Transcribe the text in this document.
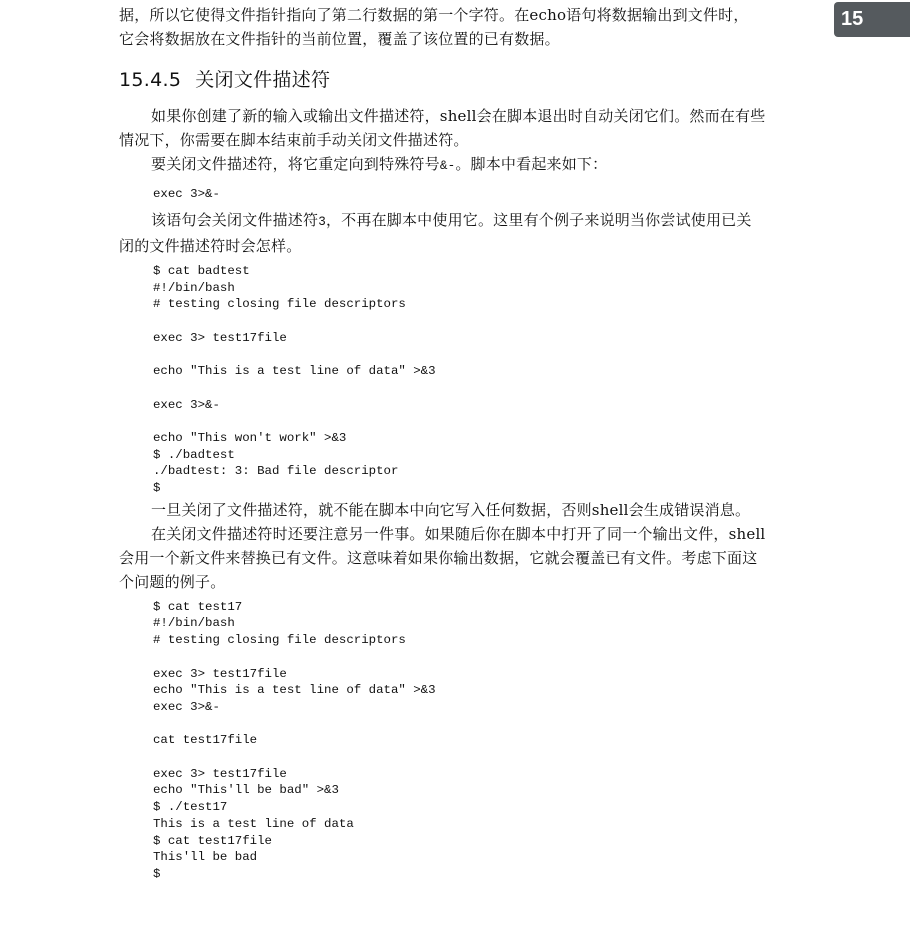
15

据，所以它使得文件指针指向了第二行数据的第一个字符。在echo语句将数据输出到文件时，
它会将数据放在文件指针的当前位置，覆盖了该位置的已有数据。

15.4.5 关闭文件描述符

如果你创建了新的输入或输出文件描述符，shell会在脚本退出时自动关闭它们。然而在有些
情况下，你需要在脚本结束前手动关闭文件描述符。

要关闭文件描述符，将它重定向到特殊符号&-。脚本中看起来如下：

exec 3>&-

该语句会关闭文件描述符3，不再在脚本中使用它。这里有个例子来说明当你尝试使用已关
闭的文件描述符时会怎样。

$ cat badtest
#!/bin/bash
# testing closing file descriptors
exec 3> test17file
echo "This is a test line of data" >&3
exec 3>&-
echo "This won't work" >&3
$ ./badtest
./badtest: 3: Bad file descriptor
$

一旦关闭了文件描述符，就不能在脚本中向它写入任何数据，否则shell会生成错误消息。

在关闭文件描述符时还要注意另一件事。如果随后你在脚本中打开了同一个输出文件，shell
会用一个新文件来替换已有文件。这意味着如果你输出数据，它就会覆盖已有文件。考虑下面这
个问题的例子。

$ cat test17
#!/bin/bash
# testing closing file descriptors
exec 3> test17file
echo "This is a test line of data" >&3
exec 3>&-
cat test17file
exec 3> test17file
echo "This'll be bad" >&3
$ ./test17
This is a test line of data
$ cat test17file
This'll be bad
$
